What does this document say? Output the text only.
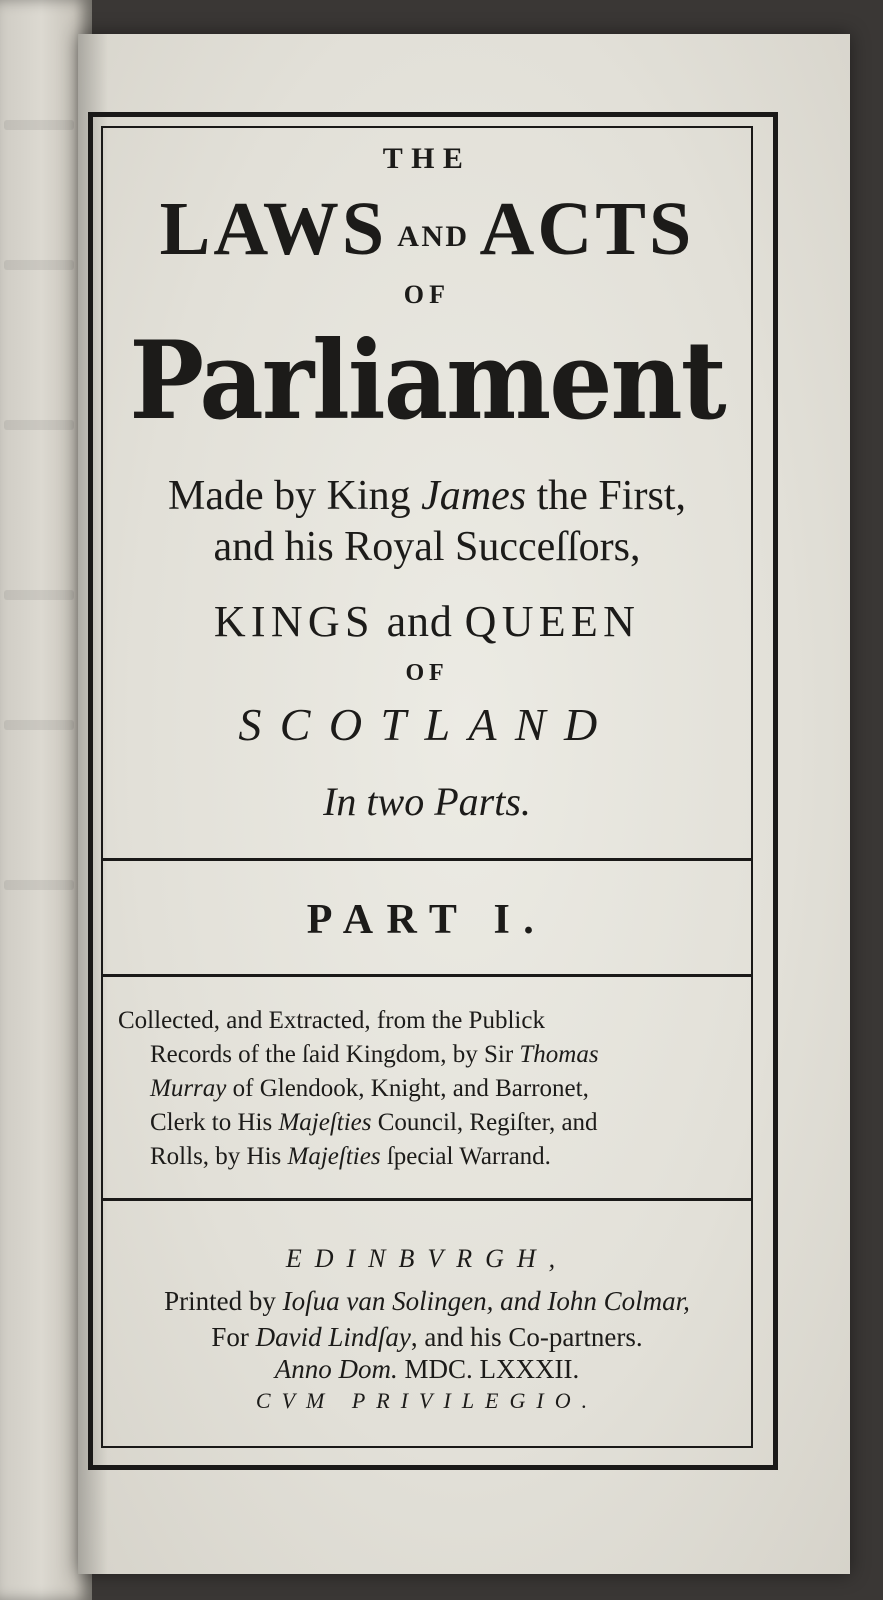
THE
LAWS AND ACTS
OF
Parliament
Made by King James the First,
and his Royal Succeſſors,
KINGS and QUEEN
OF
SCOTLAND
In two Parts.
PART I.
Collected, and Extracted, from the Publick
Records of the ſaid Kingdom, by Sir Thomas
Murray of Glendook, Knight, and Barronet,
Clerk to His Majeſties Council, Regiſter, and
Rolls, by His Majeſties ſpecial Warrand.
EDINBVRGH,
Printed by Ioſua van Solingen, and Iohn Colmar,
For David Lindſay, and his Co-partners.
Anno Dom. MDC. LXXXII.
CVM PRIVILEGIO.
